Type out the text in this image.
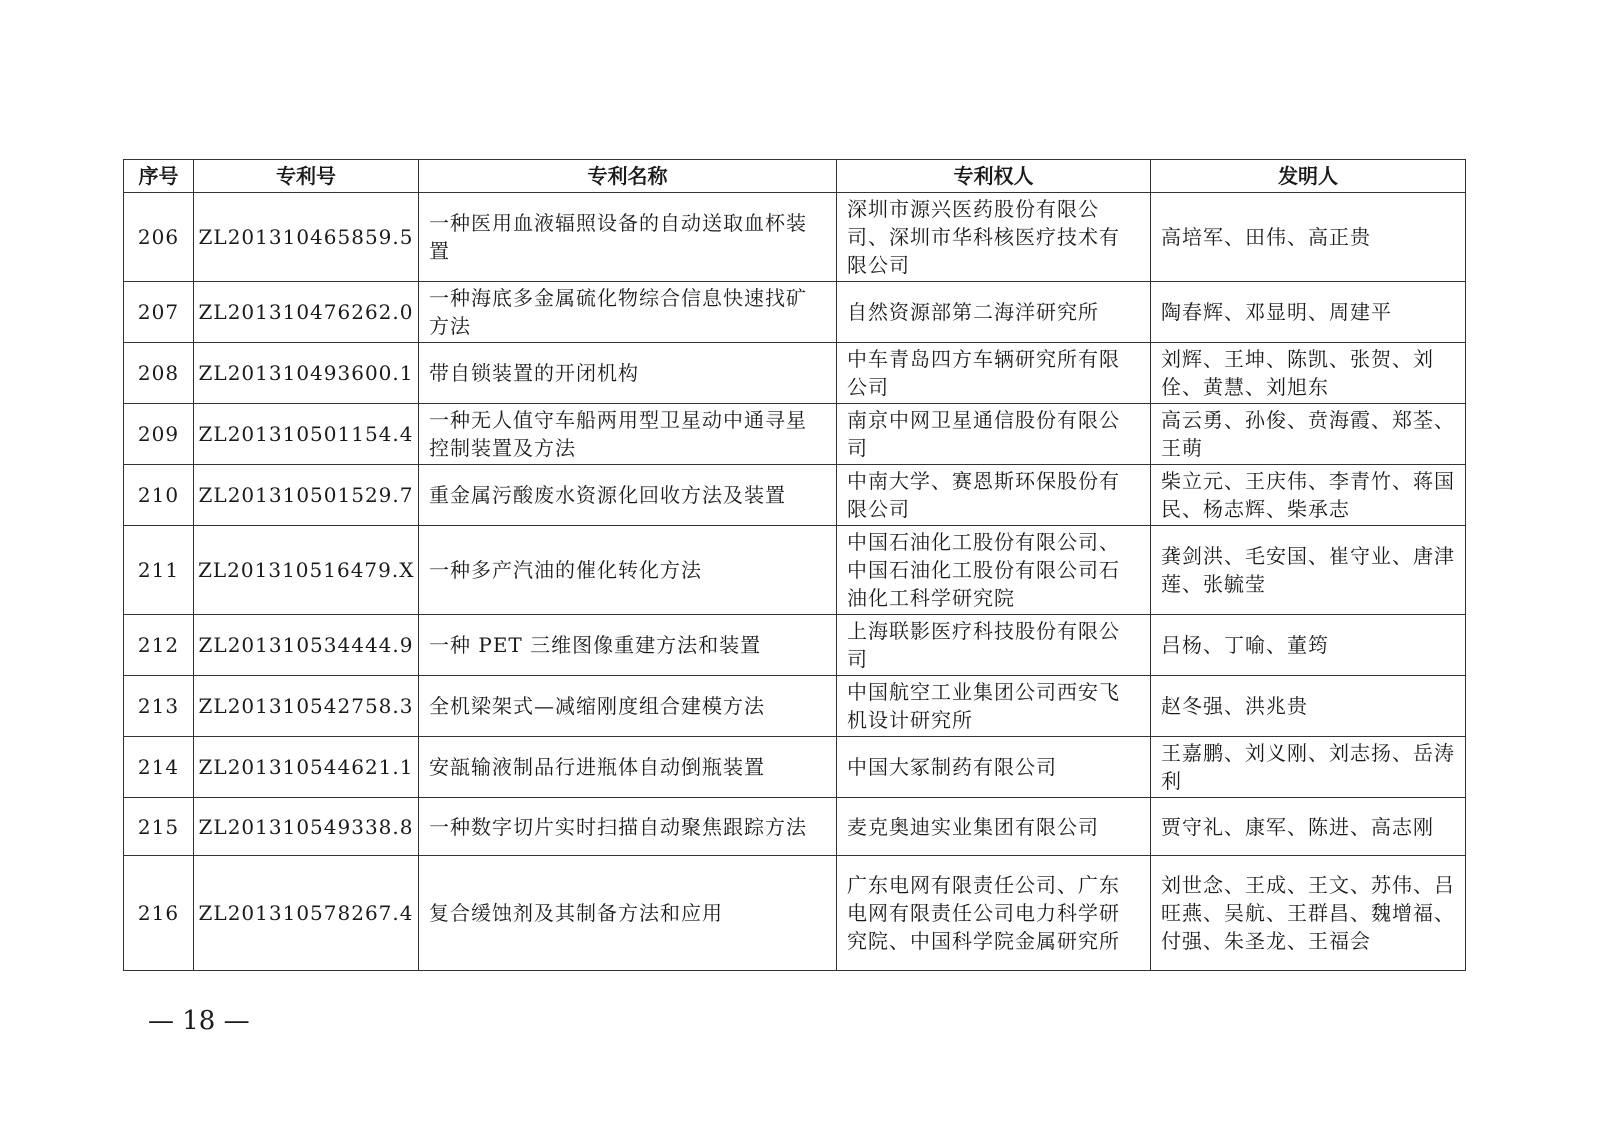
序号	专利号	专利名称	专利权人	发明人
206	ZL201310465859.5	一种医用血液辐照设备的自动送取血杯装置	深圳市源兴医药股份有限公司、深圳市华科核医疗技术有限公司	高培军、田伟、高正贵
207	ZL201310476262.0	一种海底多金属硫化物综合信息快速找矿方法	自然资源部第二海洋研究所	陶春辉、邓显明、周建平
208	ZL201310493600.1	带自锁装置的开闭机构	中车青岛四方车辆研究所有限公司	刘辉、王坤、陈凯、张贺、刘佺、黄慧、刘旭东
209	ZL201310501154.4	一种无人值守车船两用型卫星动中通寻星控制装置及方法	南京中网卫星通信股份有限公司	高云勇、孙俊、贲海霞、郑荃、王萌
210	ZL201310501529.7	重金属污酸废水资源化回收方法及装置	中南大学、赛恩斯环保股份有限公司	柴立元、王庆伟、李青竹、蒋国民、杨志辉、柴承志
211	ZL201310516479.X	一种多产汽油的催化转化方法	中国石油化工股份有限公司、中国石油化工股份有限公司石油化工科学研究院	龚剑洪、毛安国、崔守业、唐津莲、张毓莹
212	ZL201310534444.9	一种 PET 三维图像重建方法和装置	上海联影医疗科技股份有限公司	吕杨、丁喻、董筠
213	ZL201310542758.3	全机梁架式—减缩刚度组合建模方法	中国航空工业集团公司西安飞机设计研究所	赵冬强、洪兆贵
214	ZL201310544621.1	安瓿输液制品行进瓶体自动倒瓶装置	中国大冢制药有限公司	王嘉鹏、刘义刚、刘志扬、岳涛利
215	ZL201310549338.8	一种数字切片实时扫描自动聚焦跟踪方法	麦克奥迪实业集团有限公司	贾守礼、康军、陈进、高志刚
216	ZL201310578267.4	复合缓蚀剂及其制备方法和应用	广东电网有限责任公司、广东电网有限责任公司电力科学研究院、中国科学院金属研究所	刘世念、王成、王文、苏伟、吕旺燕、吴航、王群昌、魏增福、付强、朱圣龙、王福会
— 18 —
